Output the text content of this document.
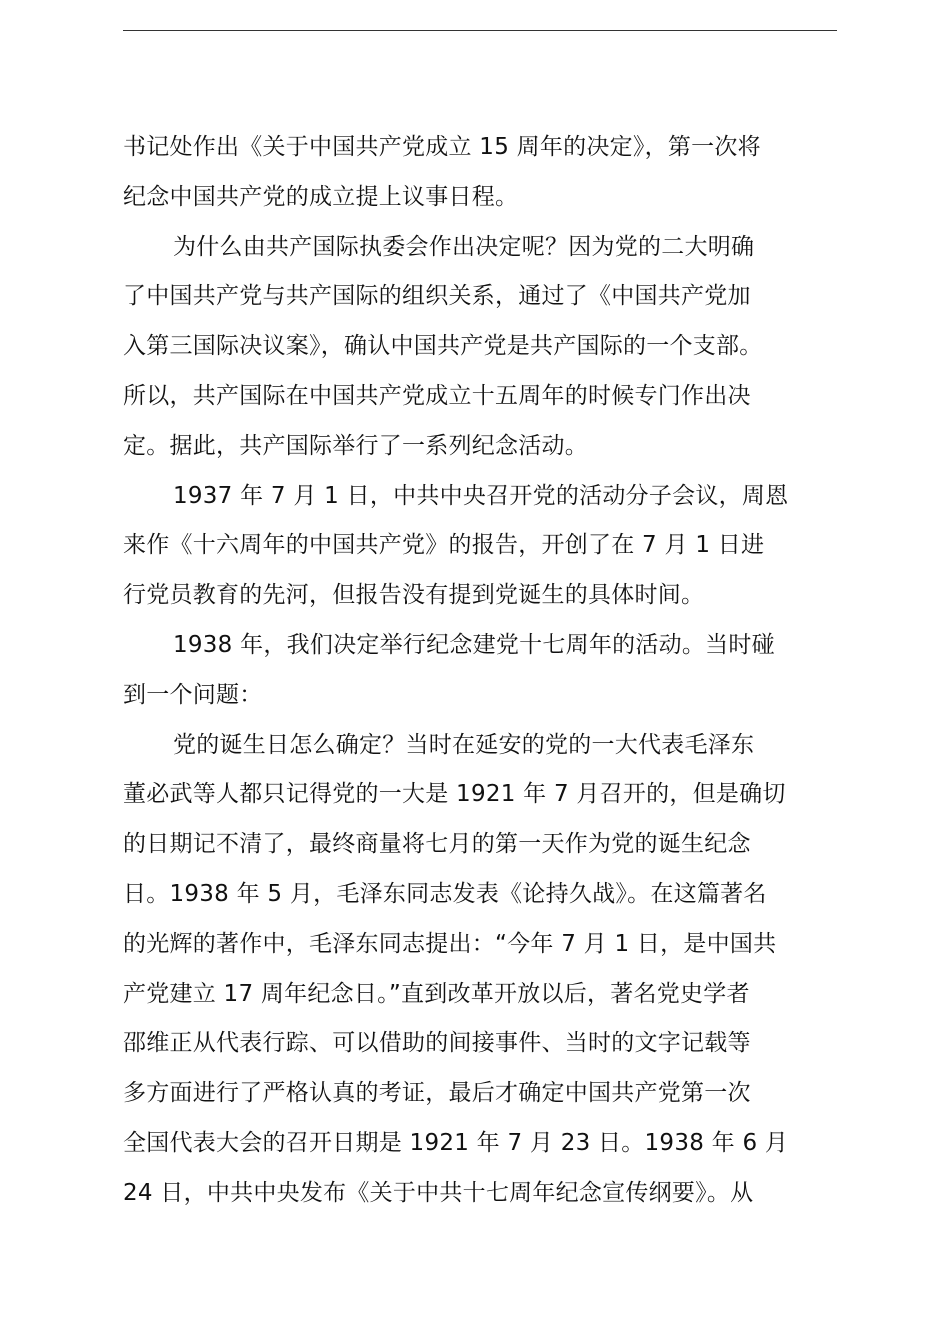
书记处作出《关于中国共产党成立 15 周年的决定》，第一次将
纪念中国共产党的成立提上议事日程。
为什么由共产国际执委会作出决定呢？因为党的二大明确
了中国共产党与共产国际的组织关系，通过了《中国共产党加
入第三国际决议案》，确认中国共产党是共产国际的一个支部。
所以，共产国际在中国共产党成立十五周年的时候专门作出决
定。据此，共产国际举行了一系列纪念活动。
1937 年 7 月 1 日，中共中央召开党的活动分子会议，周恩
来作《十六周年的中国共产党》的报告，开创了在 7 月 1 日进
行党员教育的先河，但报告没有提到党诞生的具体时间。
1938 年，我们决定举行纪念建党十七周年的活动。当时碰
到一个问题：
党的诞生日怎么确定？当时在延安的党的一大代表毛泽东
董必武等人都只记得党的一大是 1921 年 7 月召开的，但是确切
的日期记不清了，最终商量将七月的第一天作为党的诞生纪念
日。1938 年 5 月，毛泽东同志发表《论持久战》。在这篇著名
的光辉的著作中，毛泽东同志提出：“今年 7 月 1 日，是中国共
产党建立 17 周年纪念日。”直到改革开放以后，著名党史学者
邵维正从代表行踪、可以借助的间接事件、当时的文字记载等
多方面进行了严格认真的考证，最后才确定中国共产党第一次
全国代表大会的召开日期是 1921 年 7 月 23 日。1938 年 6 月
24 日，中共中央发布《关于中共十七周年纪念宣传纲要》。从
